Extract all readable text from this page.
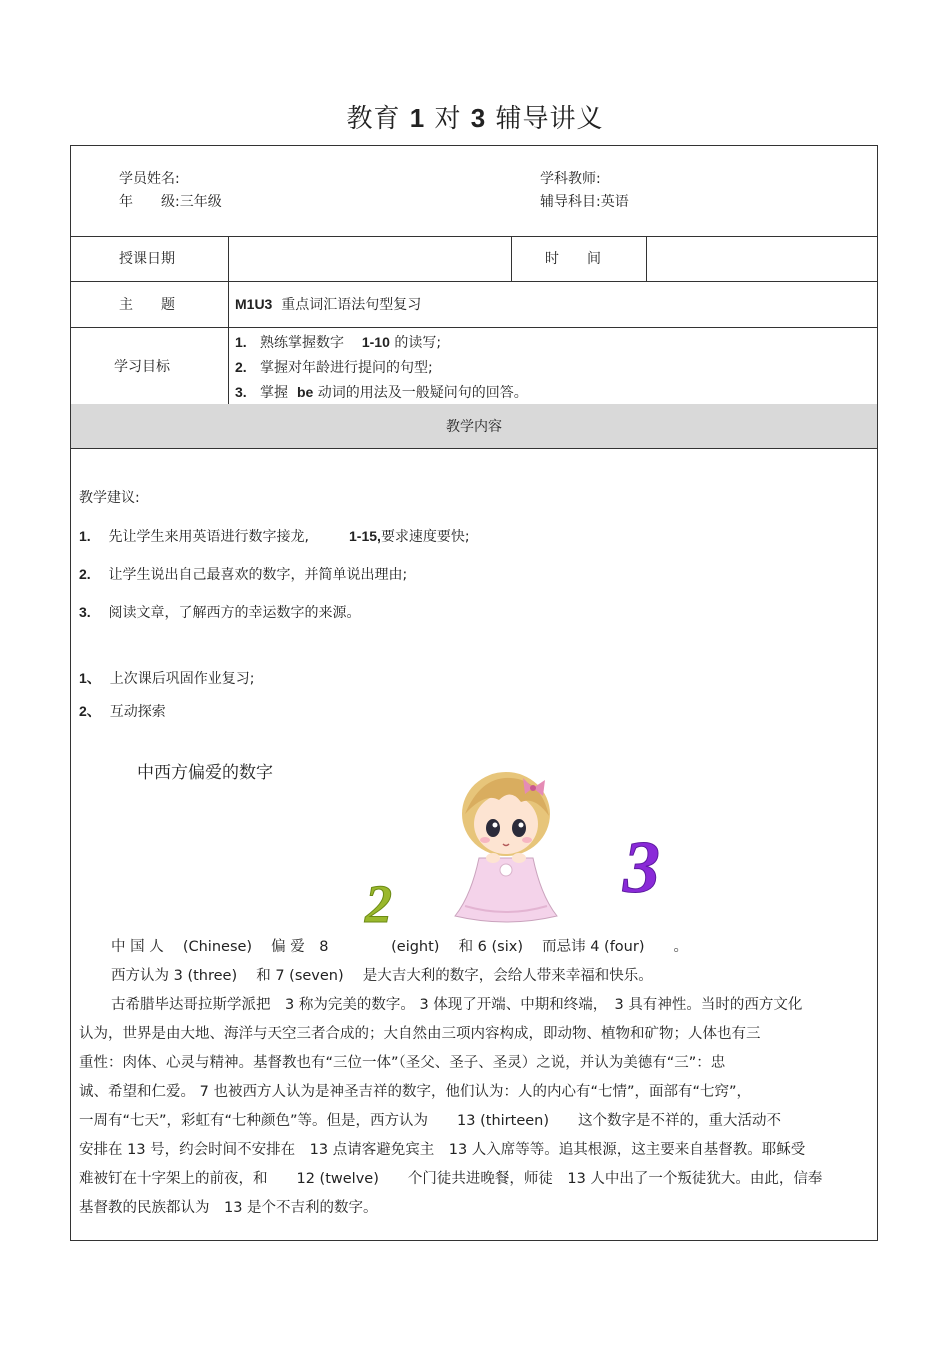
教育 1 对 3 辅导讲义
学员姓名:
年　　级:三年级
学科教师:
辅导科目:英语
授课日期	时　　间
主　　题	M1U3 重点词汇语法句型复习
学习目标
1. 熟练掌握数字 1-10 的读写;
2. 掌握对年龄进行提问的句型;
3. 掌握 be 动词的用法及一般疑问句的回答。
教学内容
教学建议:
1. 先让学生来用英语进行数字接龙,	1-15,要求速度要快;
2. 让学生说出自己最喜欢的数字，并简单说出理由;
3. 阅读文章，了解西方的幸运数字的来源。
1、 上次课后巩固作业复习;
2、 互动探索
中西方偏爱的数字
2	3
中 国 人　 (Chinese)　 偏 爱　8　　　　 (eight)　 和 6 (six)　 而忌讳 4 (four)　　。
西方认为 3 (three)　 和 7 (seven)　 是大吉大利的数字，会给人带来幸福和快乐。
古希腊毕达哥拉斯学派把　3 称为完美的数字。 3 体现了开端、中期和终端，　3 具有神性。当时的西方文化
认为，世界是由大地、海洋与天空三者合成的；大自然由三项内容构成，即动物、植物和矿物；人体也有三
重性：肉体、心灵与精神。基督教也有“三位一体”（圣父、圣子、圣灵）之说，并认为美德有“三”：忠
诚、希望和仁爱。 7 也被西方人认为是神圣吉祥的数字，他们认为：人的内心有“七情”，面部有“七窍”，
一周有“七天”，彩虹有“七种颜色”等。但是，西方认为　　13 (thirteen)　　这个数字是不祥的，重大活动不
安排在 13 号，约会时间不安排在　13 点请客避免宾主　13 人入席等等。追其根源，这主要来自基督教。耶稣受
难被钉在十字架上的前夜，和　　12 (twelve)　　个门徒共进晚餐，师徒　13 人中出了一个叛徒犹大。由此，信奉
基督教的民族都认为　13 是个不吉利的数字。
